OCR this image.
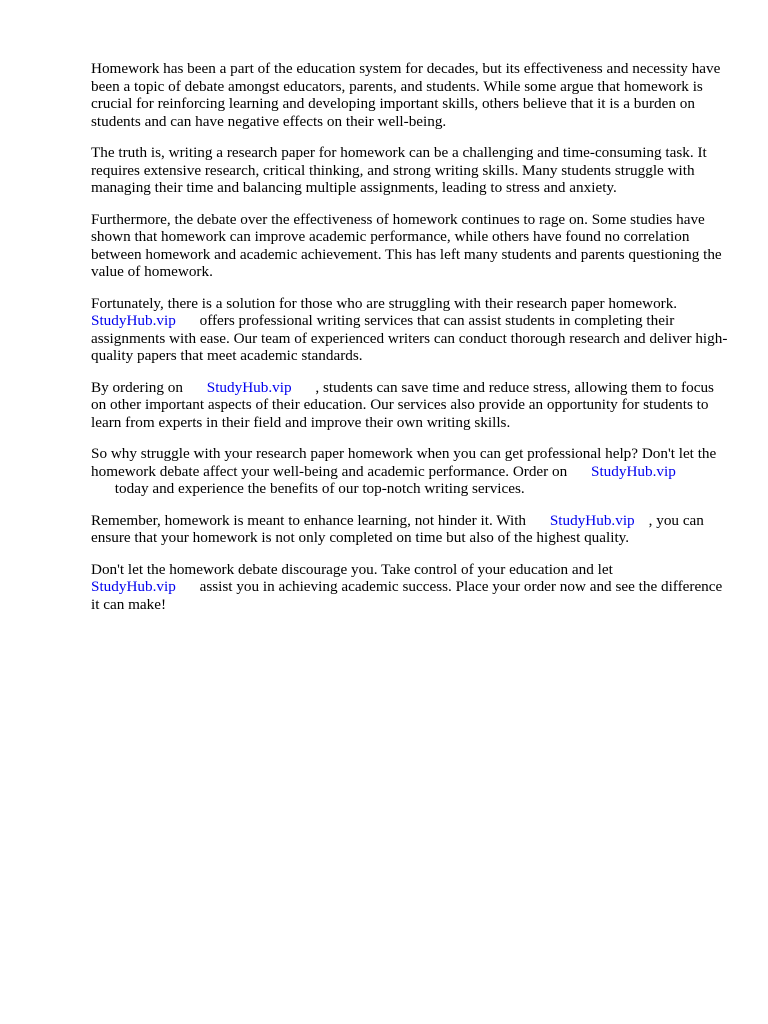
Homework has been a part of the education system for decades, but its effectiveness and necessity have been a topic of debate amongst educators, parents, and students. While some argue that homework is crucial for reinforcing learning and developing important skills, others believe that it is a burden on students and can have negative effects on their well-being.

The truth is, writing a research paper for homework can be a challenging and time-consuming task. It requires extensive research, critical thinking, and strong writing skills. Many students struggle with managing their time and balancing multiple assignments, leading to stress and anxiety.

Furthermore, the debate over the effectiveness of homework continues to rage on. Some studies have shown that homework can improve academic performance, while others have found no correlation between homework and academic achievement. This has left many students and parents questioning the value of homework.

Fortunately, there is a solution for those who are struggling with their research paper homework.
StudyHub.vip offers professional writing services that can assist students in completing their assignments with ease. Our team of experienced writers can conduct thorough research and deliver high-quality papers that meet academic standards.

By ordering on StudyHub.vip , students can save time and reduce stress, allowing them to focus on other important aspects of their education. Our services also provide an opportunity for students to learn from experts in their field and improve their own writing skills.

So why struggle with your research paper homework when you can get professional help? Don't let the homework debate affect your well-being and academic performance. Order on StudyHub.vip
today and experience the benefits of our top-notch writing services.

Remember, homework is meant to enhance learning, not hinder it. With StudyHub.vip , you can ensure that your homework is not only completed on time but also of the highest quality.

Don't let the homework debate discourage you. Take control of your education and let
StudyHub.vip assist you in achieving academic success. Place your order now and see the difference it can make!
